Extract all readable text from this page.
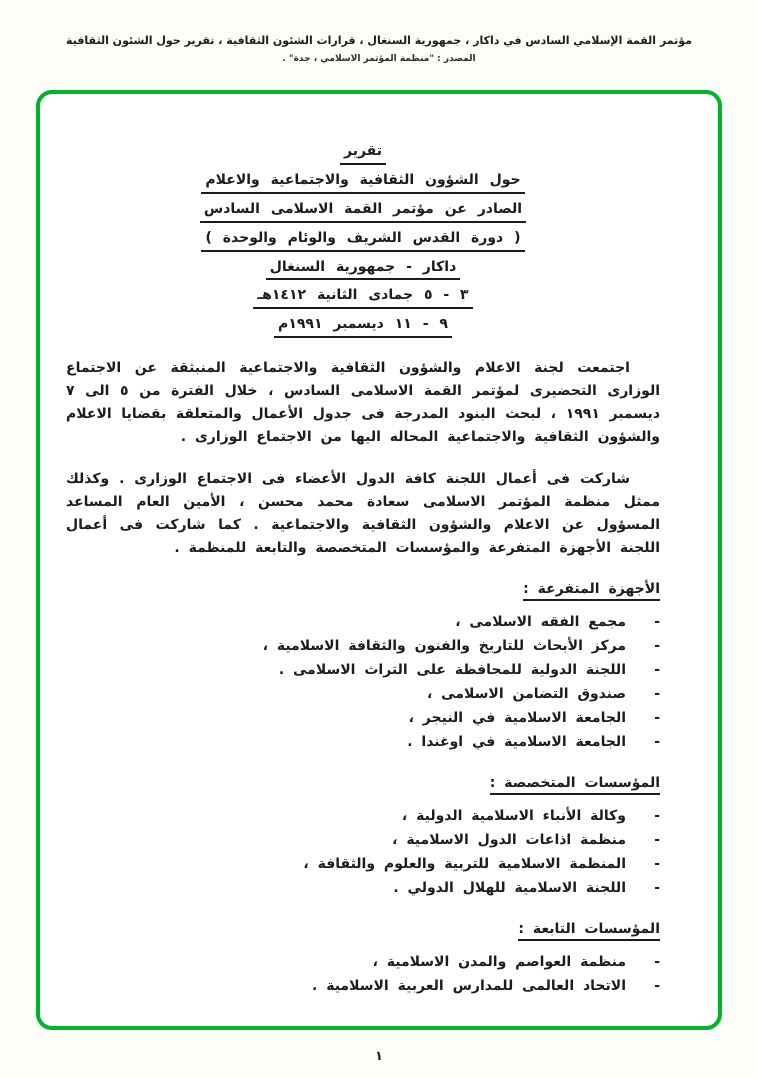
مؤتمر القمة الإسلامي السادس في داكار ، جمهورية السنغال ، قرارات الشئون الثقافية ، تقرير حول الشئون الثقافية
المصدر : "منظمة المؤتمر الاسلامي ، جدة" .
تقرير
حول الشؤون الثقافية والاجتماعية والاعلام
الصادر عن مؤتمر القمة الاسلامى السادس
( دورة القدس الشريف والوئام والوحدة )
داكار - جمهورية السنغال
٣ - ٥ جمادى الثانية ١٤١٢هـ
٩ - ١١ ديسمبر ١٩٩١م

اجتمعت لجنة الاعلام والشؤون الثقافية والاجتماعية المنبثقة عن الاجتماع الوزارى التحضيرى لمؤتمر القمة الاسلامى السادس ، خلال الفترة من ٥ الى ٧ ديسمبر ١٩٩١ ، لبحث البنود المدرجة فى جدول الأعمال والمتعلقة بقضايا الاعلام والشؤون الثقافية والاجتماعية المحاله اليها من الاجتماع الوزارى .

شاركت فى أعمال اللجنة كافة الدول الأعضاء فى الاجتماع الوزارى . وكذلك ممثل منظمة المؤتمر الاسلامى سعادة محمد محسن ، الأمين العام المساعد المسؤول عن الاعلام والشؤون الثقافية والاجتماعية . كما شاركت فى أعمال اللجنة الأجهزة المتفرعة والمؤسسات المتخصصة والتابعة للمنظمة .

الأجهزة المتفرعة :
-
مجمع الفقه الاسلامى ،
-
مركز الأبحاث للتاريخ والفنون والثقافة الاسلامية ،
-
اللجنة الدولية للمحافظة على التراث الاسلامى .
-
صندوق التضامن الاسلامى ،
-
الجامعة الاسلامية في النيجر ،
-
الجامعة الاسلامية في اوغندا .
المؤسسات المتخصصة :
-
وكالة الأنباء الاسلامية الدولية ،
-
منظمة اذاعات الدول الاسلامية ،
-
المنظمة الاسلامية للتربية والعلوم والثقافة ،
-
اللجنة الاسلامية للهلال الدولي .
المؤسسات التابعة :
-
منظمة العواصم والمدن الاسلامية ،
-
الاتحاد العالمى للمدارس العربية الاسلامية .
١
